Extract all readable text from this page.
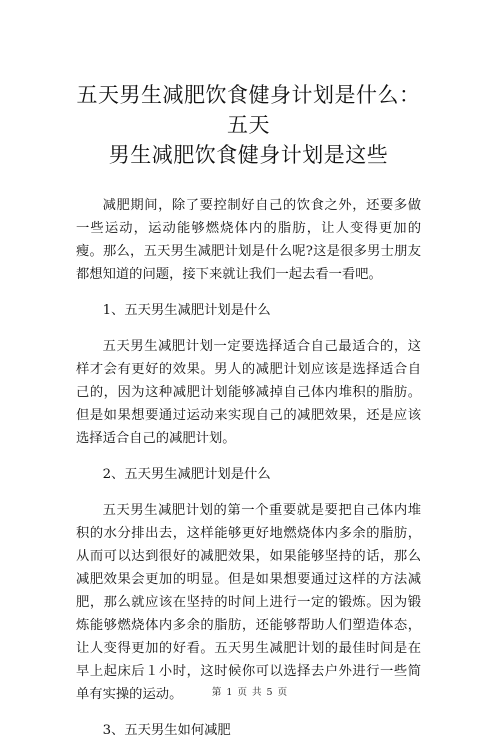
五天男生减肥饮食健身计划是什么：五天
男生减肥饮食健身计划是这些

减肥期间，除了要控制好自己的饮食之外，还要多做一些运动，运动能够燃烧体内的脂肪，让人变得更加的瘦。那么，五天男生减肥计划是什么呢?这是很多男士朋友都想知道的问题，接下来就让我们一起去看一看吧。

1、五天男生减肥计划是什么

五天男生减肥计划一定要选择适合自己最适合的，这样才会有更好的效果。男人的减肥计划应该是选择适合自己的，因为这种减肥计划能够减掉自己体内堆积的脂肪。但是如果想要通过运动来实现自己的减肥效果，还是应该选择适合自己的减肥计划。

2、五天男生减肥计划是什么

五天男生减肥计划的第一个重要就是要把自己体内堆积的水分排出去，这样能够更好地燃烧体内多余的脂肪，从而可以达到很好的减肥效果，如果能够坚持的话，那么减肥效果会更加的明显。但是如果想要通过这样的方法减肥，那么就应该在坚持的时间上进行一定的锻炼。因为锻炼能够燃烧体内多余的脂肪，还能够帮助人们塑造体态，让人变得更加的好看。五天男生减肥计划的最佳时间是在早上起床后１小时，这时候你可以选择去户外进行一些简单有实操的运动。

3、五天男生如何减肥

第 1 页 共 5 页
